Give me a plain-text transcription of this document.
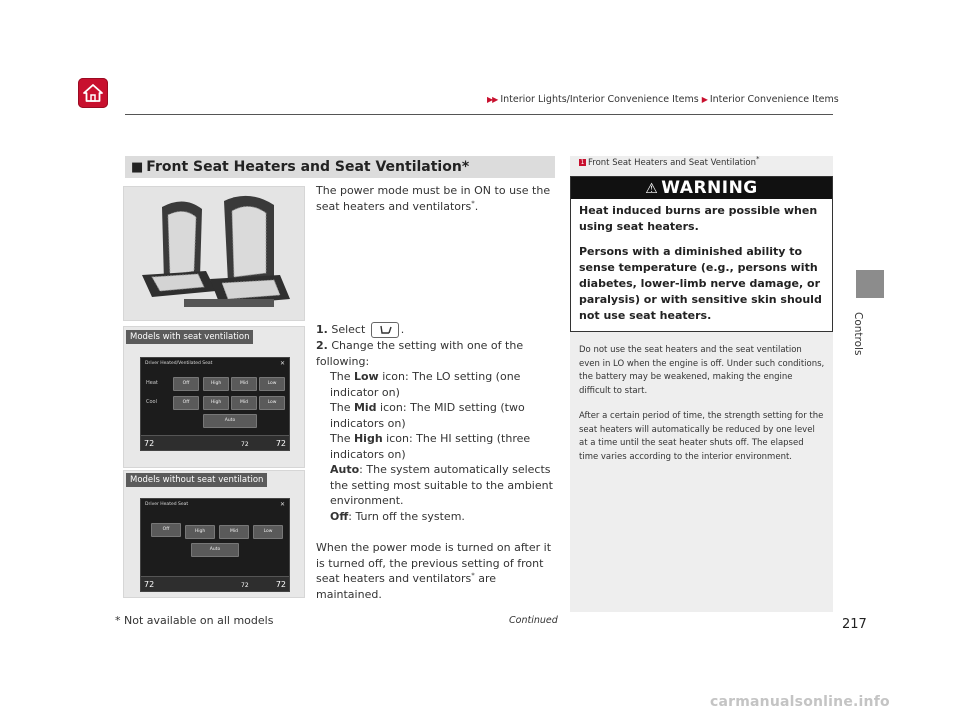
▶▶ Interior Lights/Interior Convenience Items ▶ Interior Convenience Items
Controls
■ Front Seat Heaters and Seat Ventilation*
Models with seat ventilation
Driver Heated/Ventilated Seat	✕
Heat
Cool
Off	High	Mid	Low
Off	High	Mid	Low
Auto
72	72	72
Models without seat ventilation
Driver Heated Seat	✕
Off	High	Mid	Low
Auto
72	72	72
The power mode must be in ON to use the seat heaters and ventilators*.
1. Select	.
2. Change the setting with one of the following:
The Low icon: The LO setting (one indicator on)
The Mid icon: The MID setting (two indicators on)
The High icon: The HI setting (three indicators on)
Auto: The system automatically selects the setting most suitable to the ambient environment.
Off: Turn off the system.
When the power mode is turned on after it is turned off, the previous setting of front seat heaters and ventilators* are maintained.
1 Front Seat Heaters and Seat Ventilation*
⚠ WARNING
Heat induced burns are possible when using seat heaters.
Persons with a diminished ability to sense temperature (e.g., persons with diabetes, lower-limb nerve damage, or paralysis) or with sensitive skin should not use seat heaters.
Do not use the seat heaters and the seat ventilation even in LO when the engine is off. Under such conditions, the battery may be weakened, making the engine difficult to start.
After a certain period of time, the strength setting for the seat heaters will automatically be reduced by one level at a time until the seat heater shuts off. The elapsed time varies according to the interior environment.
* Not available on all models	Continued	217
carmanualsonline.info
